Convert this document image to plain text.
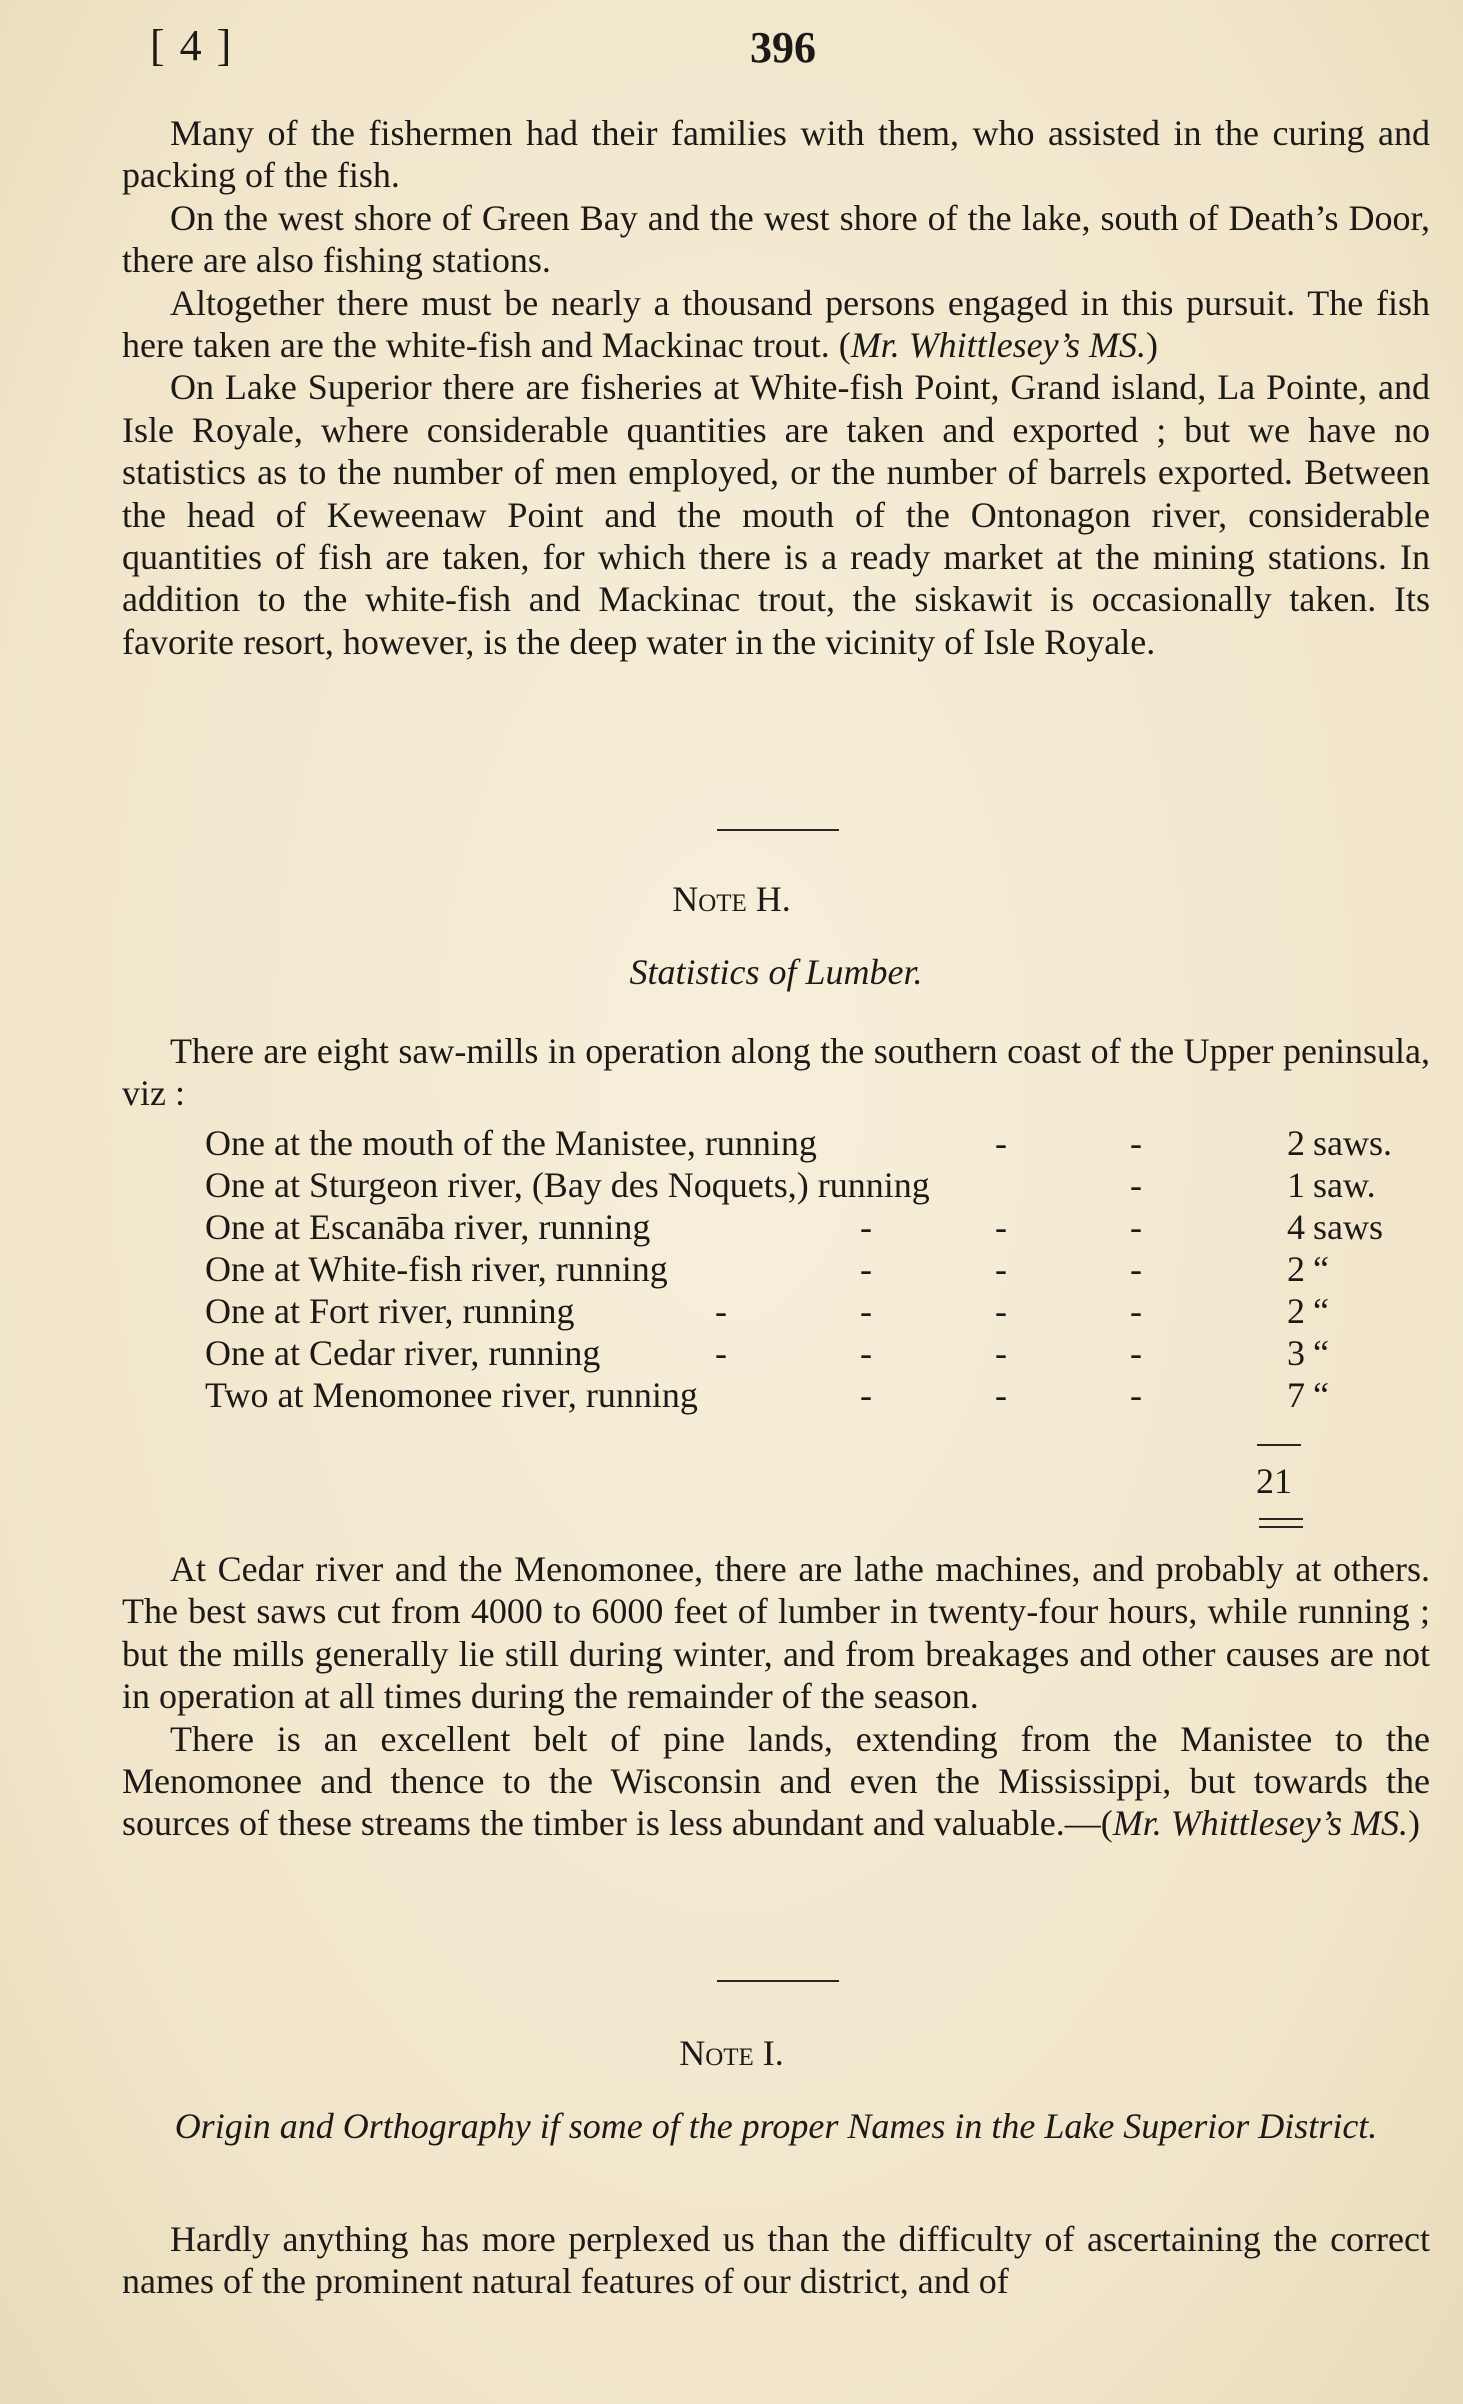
[ 4 ]	396

Many of the fishermen had their families with them, who assisted in the curing and packing of the fish.

On the west shore of Green Bay and the west shore of the lake, south of Death’s Door, there are also fishing stations.

Altogether there must be nearly a thousand persons engaged in this pursuit. The fish here taken are the white-fish and Mackinac trout. (Mr. Whittlesey’s MS.)

On Lake Superior there are fisheries at White-fish Point, Grand island, La Pointe, and Isle Royale, where considerable quantities are taken and exported ; but we have no statistics as to the number of men employed, or the number of barrels exported. Between the head of Keweenaw Point and the mouth of the Ontonagon river, considerable quantities of fish are taken, for which there is a ready market at the mining stations. In addition to the white-fish and Mackinac trout, the siskawit is occasionally taken. Its favorite resort, however, is the deep water in the vicinity of Isle Royale.

Note H.
Statistics of Lumber.

There are eight saw-mills in operation along the southern coast of the Upper peninsula, viz :

One at the mouth of the Manistee, running	-	-	2 saws.
One at Sturgeon river, (Bay des Noquets,) running	-	1 saw.
One at Escanāba river, running	-	-	-	4 saws
One at White-fish river, running	-	-	-	2 “
One at Fort river, running	-	-	-	-	2 “
One at Cedar river, running	-	-	-	-	3 “
Two at Menomonee river, running	-	-	-	7 “
21

At Cedar river and the Menomonee, there are lathe machines, and probably at others. The best saws cut from 4000 to 6000 feet of lumber in twenty-four hours, while running ; but the mills generally lie still during winter, and from breakages and other causes are not in operation at all times during the remainder of the season.

There is an excellent belt of pine lands, extending from the Manistee to the Menomonee and thence to the Wisconsin and even the Mississippi, but towards the sources of these streams the timber is less abundant and valuable.—(Mr. Whittlesey’s MS.)

Note I.
Origin and Orthography if some of the proper Names in the Lake Superior District.

Hardly anything has more perplexed us than the difficulty of ascertaining the correct names of the prominent natural features of our district, and of
